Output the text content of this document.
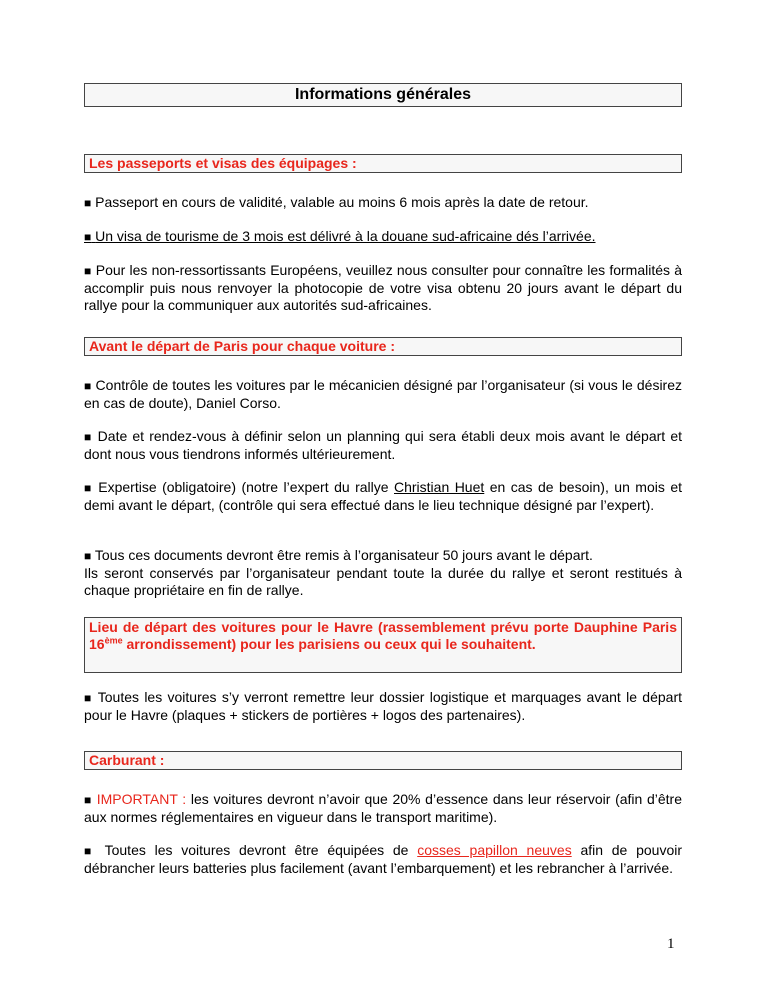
Informations générales
Les passeports et visas des équipages :
■ Passeport en cours de validité, valable au moins 6 mois après la date de retour.
■ Un visa de tourisme de 3 mois est délivré à la douane sud-africaine dés l’arrivée.
■ Pour les non-ressortissants Européens, veuillez nous consulter pour connaître les formalités à accomplir puis nous renvoyer la photocopie de votre visa obtenu 20 jours avant le départ du rallye pour la communiquer aux autorités sud-africaines.
Avant le départ de Paris pour chaque voiture :
■ Contrôle de toutes les voitures par le mécanicien désigné par l’organisateur (si vous le désirez en cas de doute), Daniel Corso.
■ Date et rendez-vous à définir selon un planning qui sera établi deux mois avant le départ et dont nous vous tiendrons informés ultérieurement.
■ Expertise (obligatoire) (notre l’expert du rallye Christian Huet en cas de besoin), un mois et demi avant le départ, (contrôle qui sera effectué dans le lieu technique désigné par l’expert).
■ Tous ces documents devront être remis à l’organisateur 50 jours avant le départ.
Ils seront conservés par l’organisateur pendant toute la durée du rallye et seront restitués à chaque propriétaire en fin de rallye.
Lieu de départ des voitures pour le Havre (rassemblement prévu porte Dauphine Paris 16ème arrondissement) pour les parisiens ou ceux qui le souhaitent.
■ Toutes les voitures s’y verront remettre leur dossier logistique et marquages avant le départ pour le Havre (plaques + stickers de portières + logos des partenaires).
Carburant :
■ IMPORTANT : les voitures devront n’avoir que 20% d’essence dans leur réservoir (afin d’être aux normes réglementaires en vigueur dans le transport maritime).
■ Toutes les voitures devront être équipées de cosses papillon neuves afin de pouvoir débrancher leurs batteries plus facilement (avant l’embarquement) et les rebrancher à l’arrivée.
1
